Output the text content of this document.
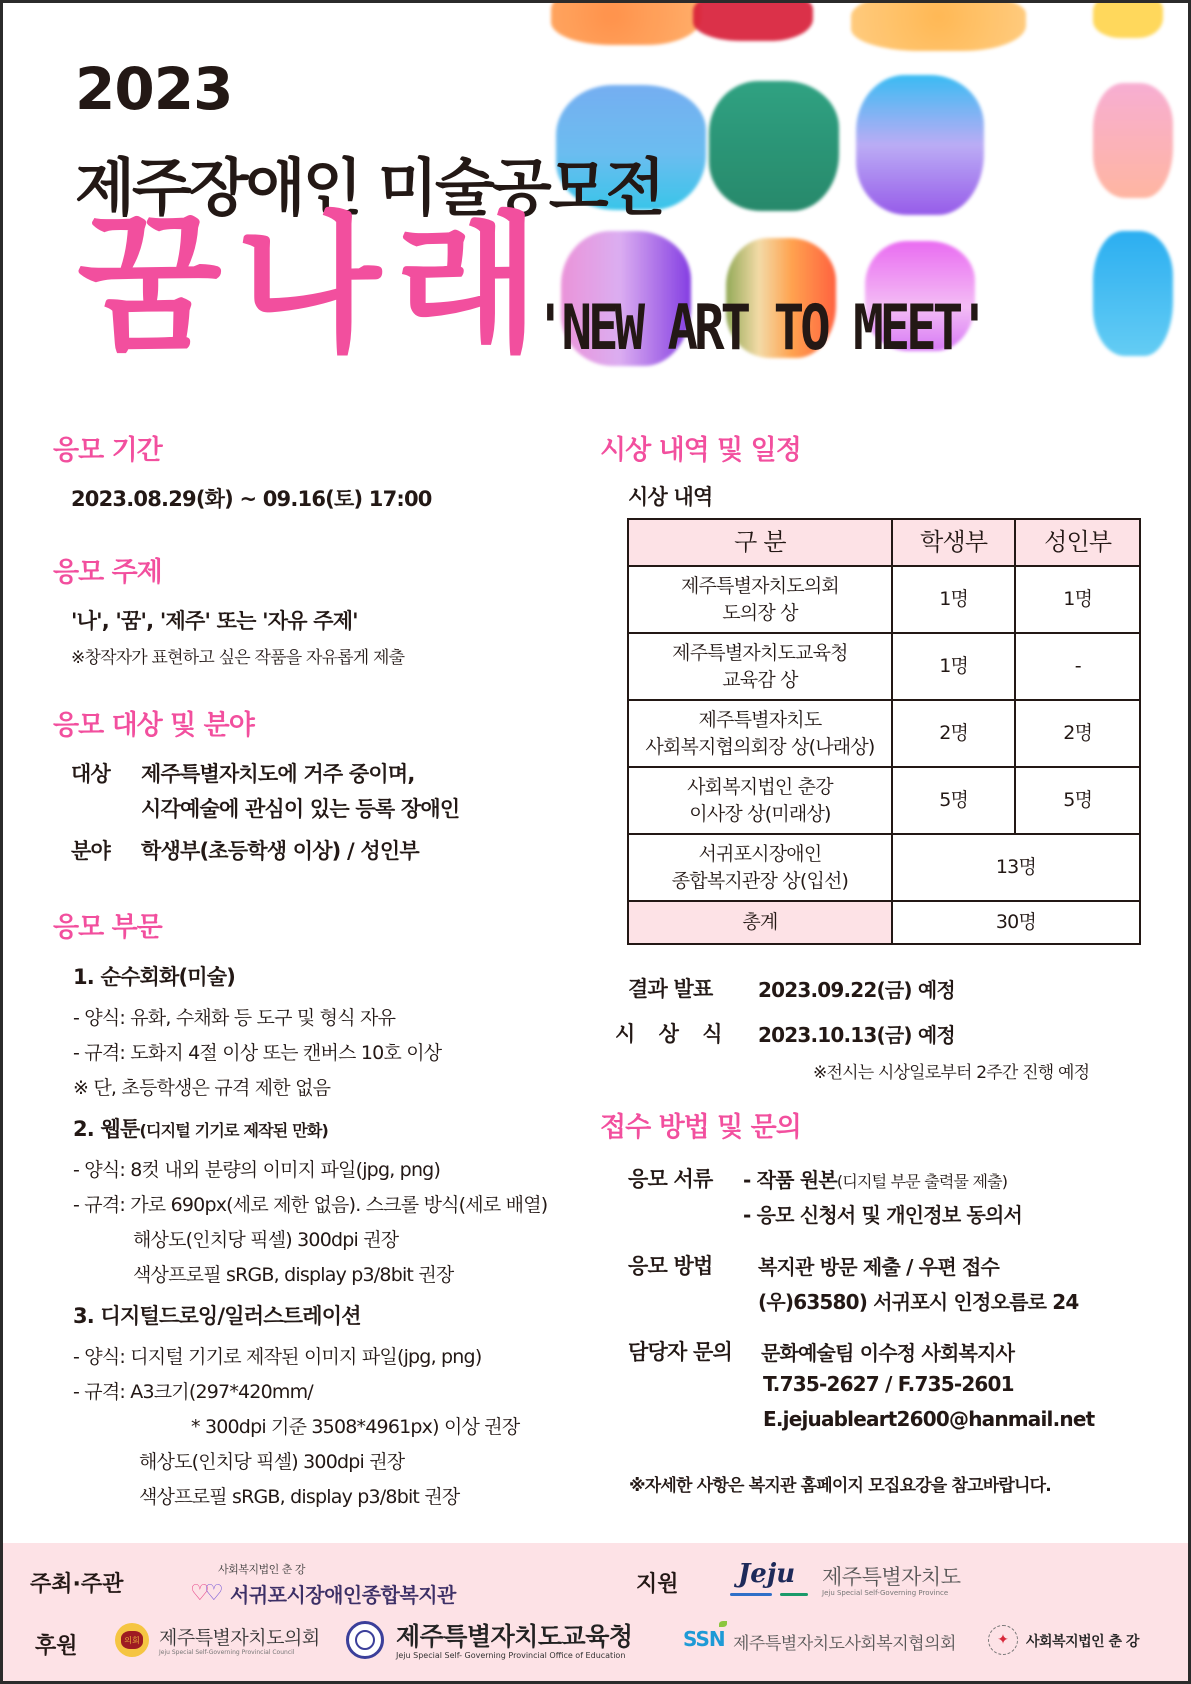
2023
제주장애인 미술공모전
꿈나래
'NEW ART TO MEET'
응모 기간
2023.08.29(화) ~ 09.16(토) 17:00
응모 주제
'나', '꿈', '제주' 또는 '자유 주제'
※창작자가 표현하고 싶은 작품을 자유롭게 제출
응모 대상 및 분야
대상 제주특별자치도에 거주 중이며,
시각예술에 관심이 있는 등록 장애인
분야 학생부(초등학생 이상) / 성인부
응모 부문
1. 순수회화(미술)
- 양식: 유화, 수채화 등 도구 및 형식 자유
- 규격: 도화지 4절 이상 또는 캔버스 10호 이상
※ 단, 초등학생은 규격 제한 없음
2. 웹툰(디지털 기기로 제작된 만화)
- 양식: 8컷 내외 분량의 이미지 파일(jpg, png)
- 규격: 가로 690px(세로 제한 없음). 스크롤 방식(세로 배열)
해상도(인치당 픽셀) 300dpi 권장
색상프로필 sRGB, display p3/8bit 권장
3. 디지털드로잉/일러스트레이션
- 양식: 디지털 기기로 제작된 이미지 파일(jpg, png)
- 규격: A3크기(297*420mm/
* 300dpi 기준 3508*4961px) 이상 권장
해상도(인치당 픽셀) 300dpi 권장
색상프로필 sRGB, display p3/8bit 권장
시상 내역 및 일정
시상 내역
구 분	학생부	성인부
제주특별자치도의회
도의장 상	1명	1명
제주특별자치도교육청
교육감 상	1명	-
제주특별자치도
사회복지협의회장 상(나래상)	2명	2명
사회복지법인 춘강
이사장 상(미래상)	5명	5명
서귀포시장애인
종합복지관장 상(입선)	13명	
총계	30명	
결과 발표 2023.09.22(금) 예정
시 상 식 2023.10.13(금) 예정
※전시는 시상일로부터 2주간 진행 예정
접수 방법 및 문의
응모 서류 - 작품 원본(디지털 부문 출력물 제출)
- 응모 신청서 및 개인정보 동의서
응모 방법 복지관 방문 제출 / 우편 접수
(우)63580) 서귀포시 인정오름로 24
담당자 문의 문화예술팀 이수정 사회복지사
T.735-2627 / F.735-2601
E.jejuableart2600@hanmail.net
※자세한 사항은 복지관 홈페이지 모집요강을 참고바랍니다.
주최·주관	♡
♡
사회복지법인 춘 강
서귀포시장애인종합복지관	지원 Jeju 제주특별자치도
Jeju Special Self-Governing Province
후원	의회 제주특별자치도의회
Jeju Special Self-Governing Provincial Council
제주특별자치도교육청
Jeju Special Self- Governing Provincial Office of Education
SSN 제주특별자치도사회복지협의회	✦	사회복지법인 춘 강
